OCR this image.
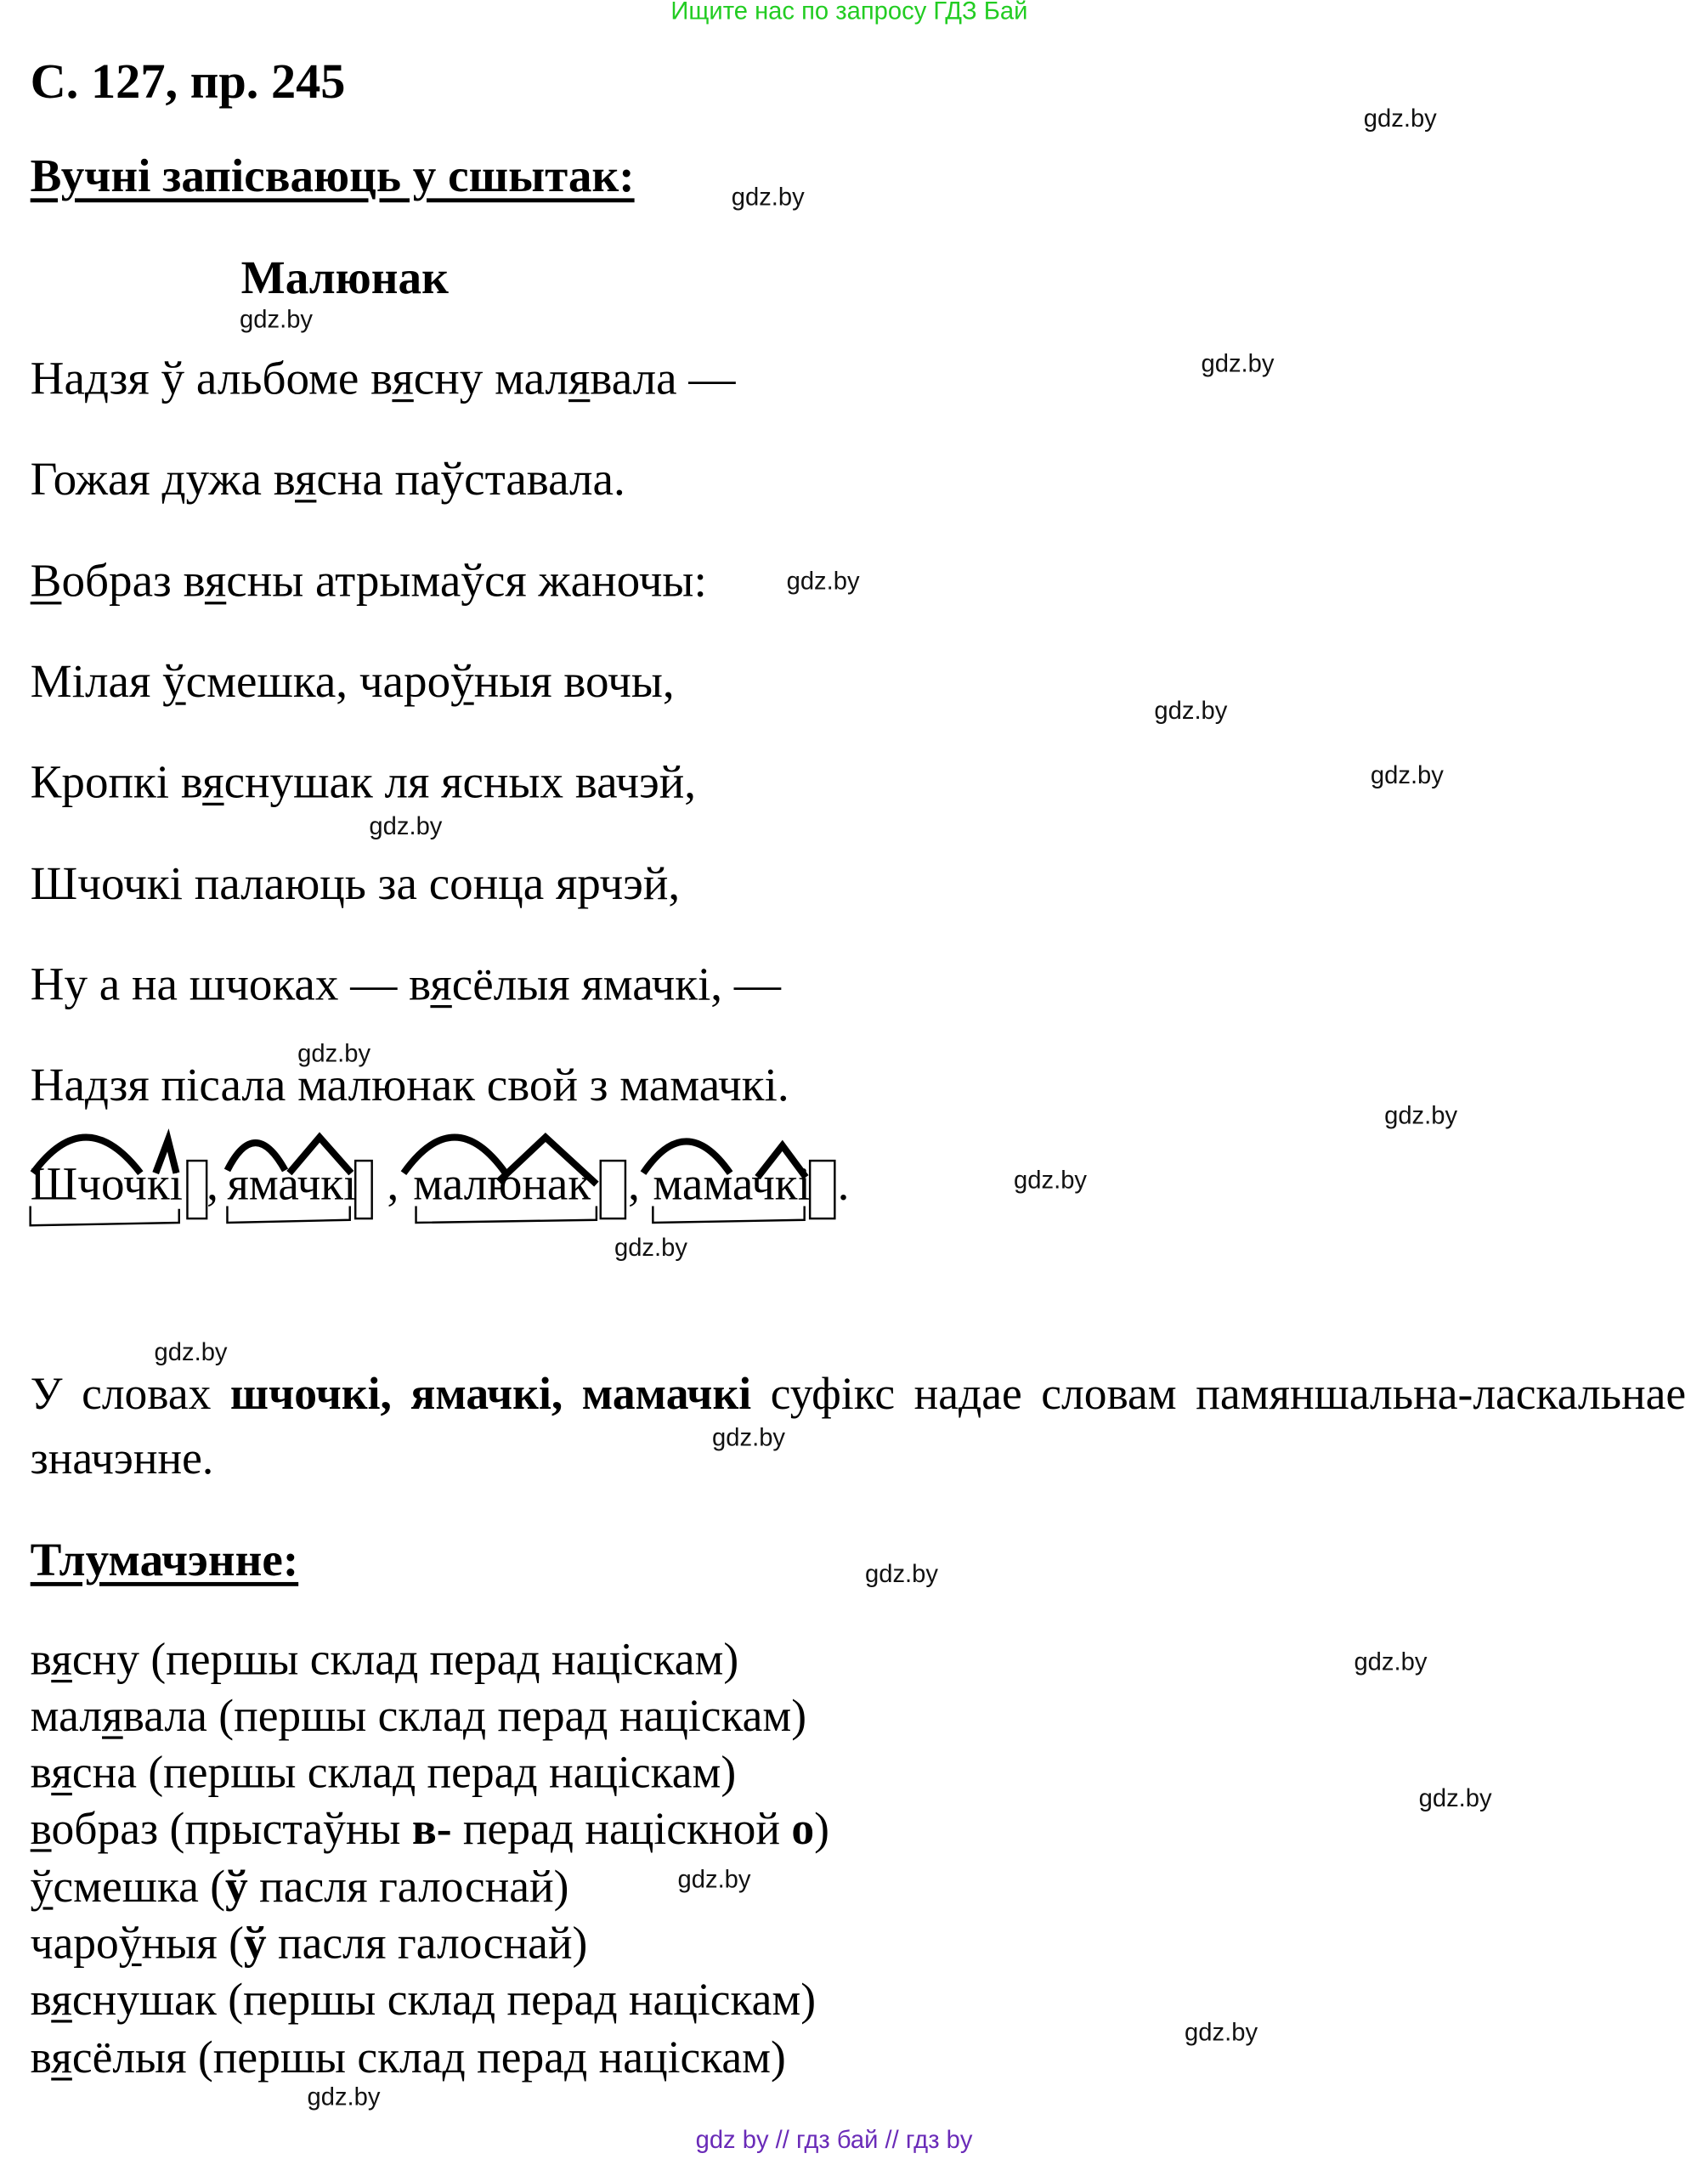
Ищите нас по запросу ГДЗ Бай
С. 127, пр. 245
Вучні запісваюць у сшытак:
Малюнак
Надзя ў альбоме вясну малявала —
Гожая дужа вясна паўставала.
Вобраз вясны атрымаўся жаночы:
Мілая ўсмешка, чароўныя вочы,
Кропкі вяснушак ля ясных вачэй,
Шчочкі палаюць за сонца ярчэй,
Ну а на шчоках — вясёлыя ямачкі, —
Надзя пісала малюнак свой з мамачкі.
Шчочкі , ямачкі , малюнак , мамачкі .
У словах шчочкі, ямачкі, мамачкі суфікс надае словам памяншальна-ласкальнае значэнне.
Тлумачэнне:
вясну (першы склад перад націскам)
малявала (першы склад перад націскам)
вясна (першы склад перад націскам)
вобраз (прыстаўны в- перад націскной о)
ўсмешка (ў пасля галоснай)
чароўныя (ў пасля галоснай)
вяснушак (першы склад перад націскам)
вясёлыя (першы склад перад націскам)
gdz.by
gdz.by
gdz.by
gdz.by
gdz.by
gdz.by
gdz.by
gdz.by
gdz.by
gdz.by
gdz.by
gdz.by
gdz.by
gdz.by
gdz.by
gdz.by
gdz.by
gdz.by
gdz.by
gdz.by
gdz by // гдз бай // гдз by
